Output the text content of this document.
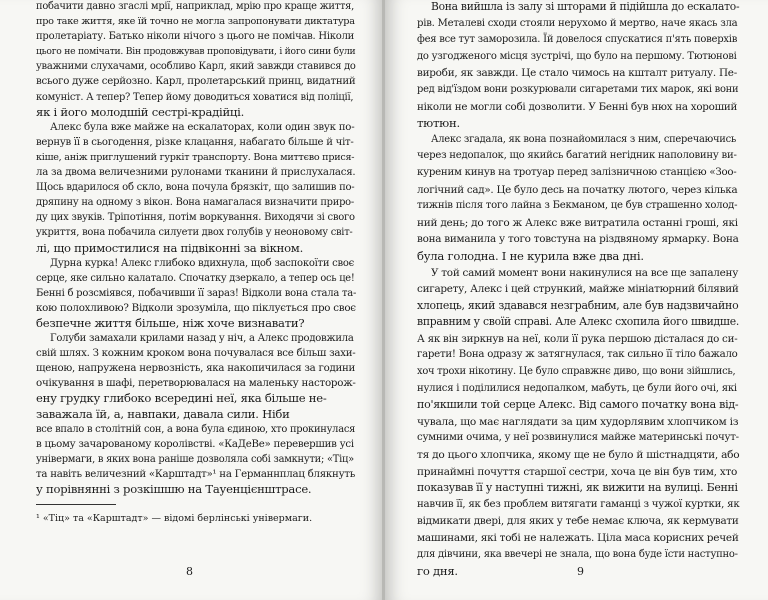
побачити давно згаслі мрії, наприклад, мрію про краще життя,
про таке життя, яке їй точно не могла запропонувати диктатура
пролетаріату. Батько ніколи нічого з цього не помічав. Ніколи
цього не помічати. Він продовжував проповідувати, і його сини були
уважними слухачами, особливо Карл, який завжди ставився до
всього дуже серйозно. Карл, пролетарський принц, видатний
комуніст. А тепер? Тепер йому доводиться ховатися від поліції,
як і його молодшій сестрі-крадійці.
Алекс була вже майже на ескалаторах, коли один звук по-
вернув її в сьогодення, різке клацання, набагато більше й чіт-
кіше, аніж приглушений гуркіт транспорту. Вона миттєво прися-
ла за двома величезними рулонами тканини й прислухалася.
Щось вдарилося об скло, вона почула брязкіт, що залишив по-
дряпину на одному з вікон. Вона намагалася визначити приро-
ду цих звуків. Тріпотіння, потім воркування. Виходячи зі свого
укриття, вона побачила силуети двох голубів у неоновому світ-
лі, що примостилися на підвіконні за вікном.
Дурна курка! Алекс глибоко вдихнула, щоб заспокоїти своє
серце, яке сильно калатало. Спочатку дзеркало, а тепер ось це!
Бенні б розсміявся, побачивши її зараз! Відколи вона стала та-
кою полохливою? Відколи зрозуміла, що піклується про своє
безпечне життя більше, ніж хоче визнавати?
Голуби замахали крилами назад у ніч, а Алекс продовжила
свій шлях. З кожним кроком вона почувалася все більш захи-
щеною, напружена нервозність, яка накопичилася за години
очікування в шафі, перетворювалася на маленьку насторож-
ену грудку глибоко всередині неї, яка більше не-
заважала їй, а, навпаки, давала сили. Ніби
все впало в столітній сон, а вона була єдиною, хто прокинулася
в цьому зачарованому королівстві. «КаДеВе» перевершив усі
універмаги, в яких вона раніше дозволяла собі замкнути; «Тіц»
та навіть величезний «Карштадт»¹ на Германнплац блякнуть
у порівнянні з розкішшю на Тауенцієнштрасе.
¹ «Тіц» та «Карштадт» — відомі берлінські універмаги.
8
Вона вийшла із залу зі шторами й підійшла до ескалато-
рів. Металеві сходи стояли нерухомо й мертво, наче якась зла
фея все тут заморозила. Їй довелося спускатися п'ять поверхів
до узгодженого місця зустрічі, що було на першому. Тютюнові
вироби, як завжди. Це стало чимось на кшталт ритуалу. Пе-
ред від'їздом вони розкурювали сигаретами тих марок, які вони
ніколи не могли собі дозволити. У Бенні був нюх на хороший
тютюн.
Алекс згадала, як вона познайомилася з ним, сперечаючись
через недопалок, що якийсь багатий негідник наполовину ви-
куреним кинув на тротуар перед залізничною станцією «Зоо-
логічний сад». Це було десь на початку лютого, через кілька
тижнів після того лайна з Бекманом, це був страшенно холод-
ний день; до того ж Алекс вже витратила останні гроші, які
вона виманила у того товстуна на різдвяному ярмарку. Вона
була голодна. І не курила вже два дні.
У той самий момент вони накинулися на все ще запалену
сигарету, Алекс і цей стрункий, майже мініатюрний білявий
хлопець, який здавався незграбним, але був надзвичайно
вправним у своїй справі. Але Алекс схопила його швидше.
А як він зиркнув на неї, коли її рука першою дісталася до си-
гарети! Вона одразу ж затягнулася, так сильно її тіло бажало
хоч трохи нікотину. Це було справжнє диво, що вони зійшлись,
нулися і поділилися недопалком, мабуть, це були його очі, які
по'якшили той серце Алекс. Від самого початку вона від-
чувала, що має наглядати за цим худорлявим хлопчиком із
сумними очима, у неї розвинулися майже материнські почут-
тя до цього хлопчика, якому ще не було й шістнадцяти, або
принаймні почуття старшої сестри, хоча це він був тим, хто
показував її у наступні тижні, як вижити на вулиці. Бенні
навчив її, як без проблем витягати гаманці з чужої куртки, як
відмикати двері, для яких у тебе немає ключа, як кермувати
машинами, які тобі не належать. Ціла маса корисних речей
для дівчини, яка ввечері не знала, що вона буде їсти наступно-
го дня.	9
